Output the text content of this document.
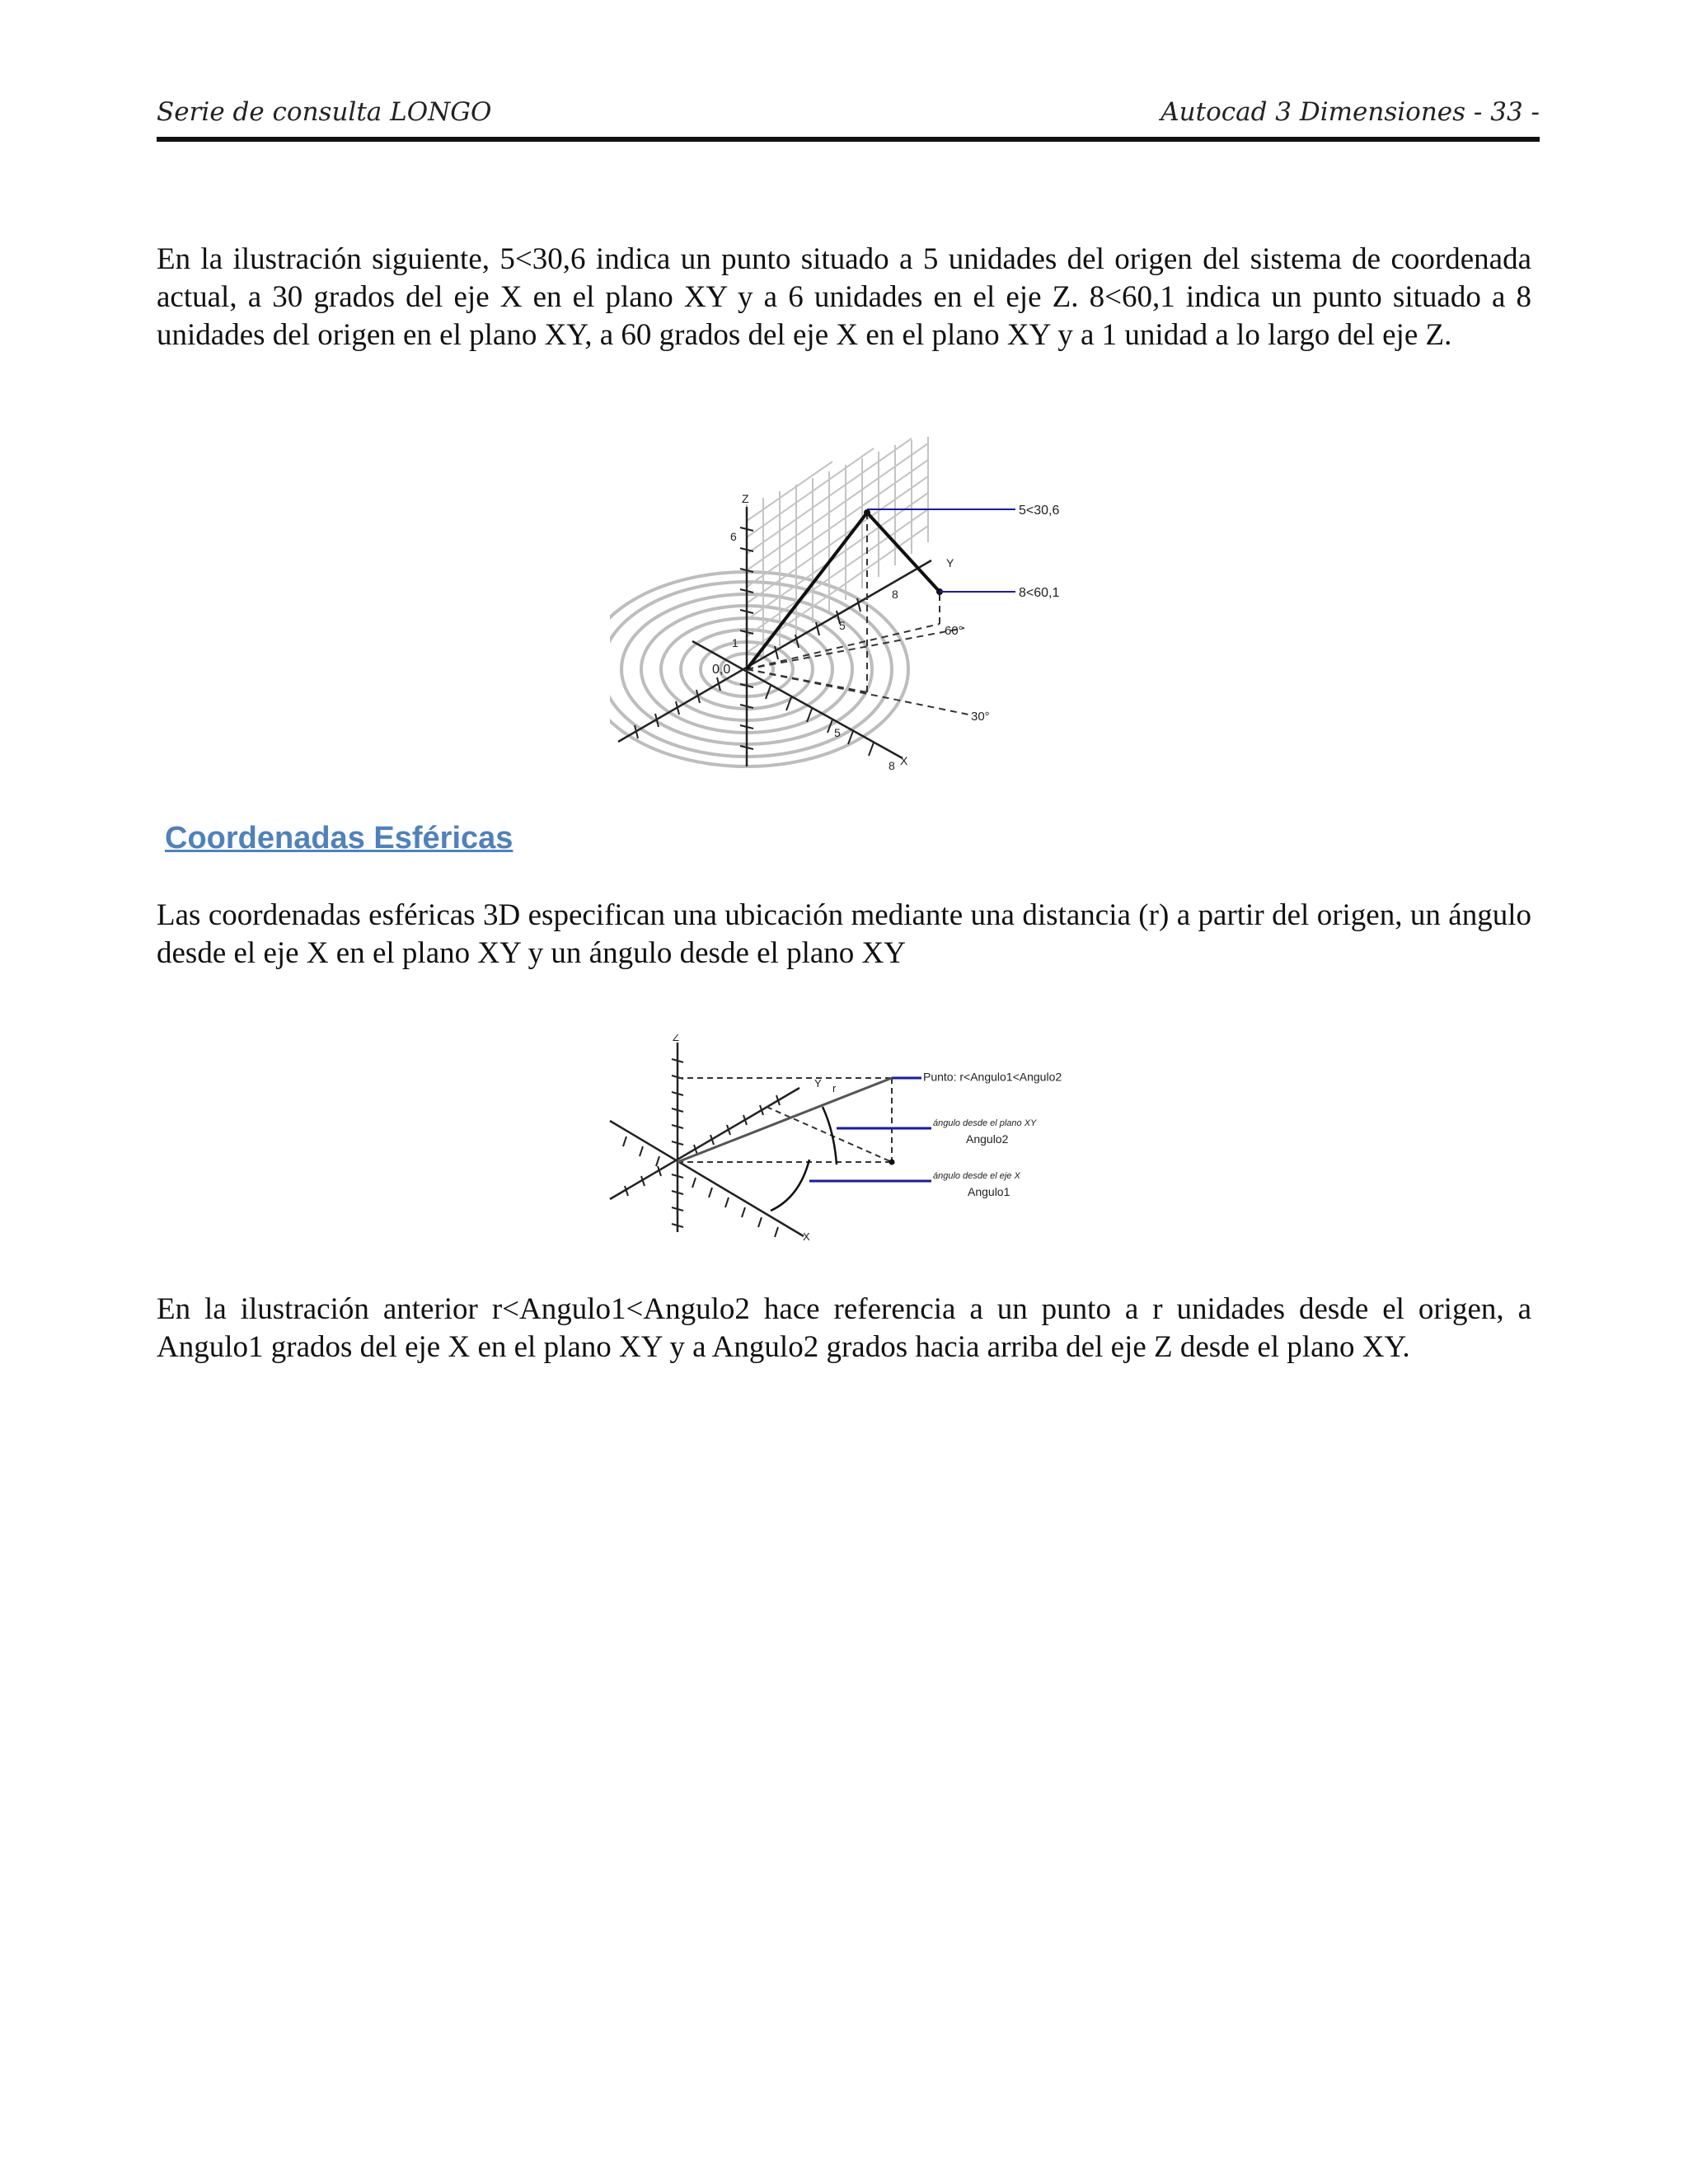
Serie de consulta LONGO	Autocad 3 Dimensiones - 33 -

En la ilustración siguiente, 5<30,6 indica un punto situado a 5 unidades del origen del sistema de coordenada actual, a 30 grados del eje X en el plano XY y a 6 unidades en el eje Z. 8<60,1 indica un punto situado a 8 unidades del origen en el plano XY, a 60 grados del eje X en el plano XY y a 1 unidad a lo largo del eje Z.

5<30,6
8<60,1
0,0
Z
Y
X
6
1
8
5
5
8
60°
30°
Coordenadas Esféricas

Las coordenadas esféricas 3D especifican una ubicación mediante una distancia (r) a partir del origen, un ángulo desde el eje X en el plano XY y un ángulo desde el plano XY

Z
Y r
X
Punto: r<Angulo1<Angulo2
ángulo desde el plano XY
Angulo2
ángulo desde el eje X
Angulo1

En la ilustración anterior r<Angulo1<Angulo2 hace referencia a un punto a r unidades desde el origen, a Angulo1 grados del eje X en el plano XY y a Angulo2 grados hacia arriba del eje Z desde el plano XY.
